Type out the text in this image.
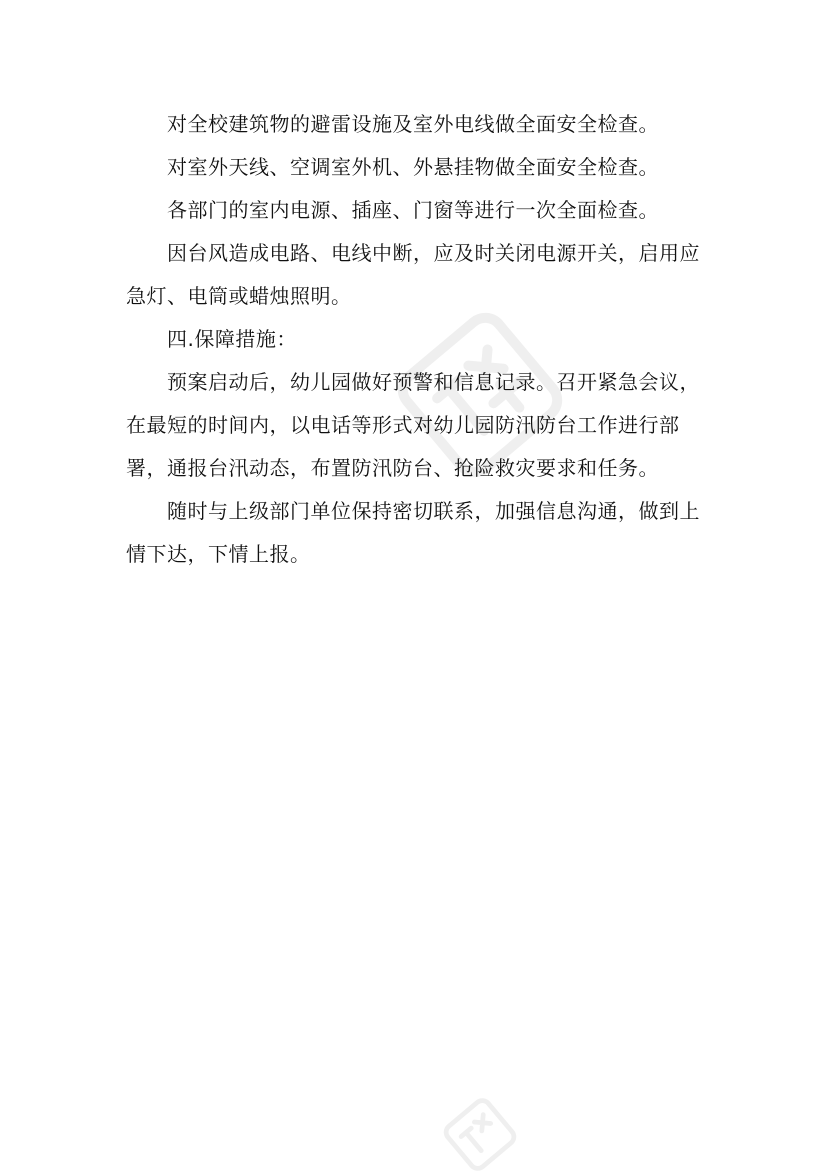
对全校建筑物的避雷设施及室外电线做全面安全检查。

对室外天线、空调室外机、外悬挂物做全面安全检查。

各部门的室内电源、插座、门窗等进行一次全面检查。

因台风造成电路、电线中断，应及时关闭电源开关，启用应急灯、电筒或蜡烛照明。

四.保障措施：

预案启动后，幼儿园做好预警和信息记录。召开紧急会议，在最短的时间内，以电话等形式对幼儿园防汛防台工作进行部署，通报台汛动态，布置防汛防台、抢险救灾要求和任务。

随时与上级部门单位保持密切联系，加强信息沟通，做到上情下达，下情上报。
